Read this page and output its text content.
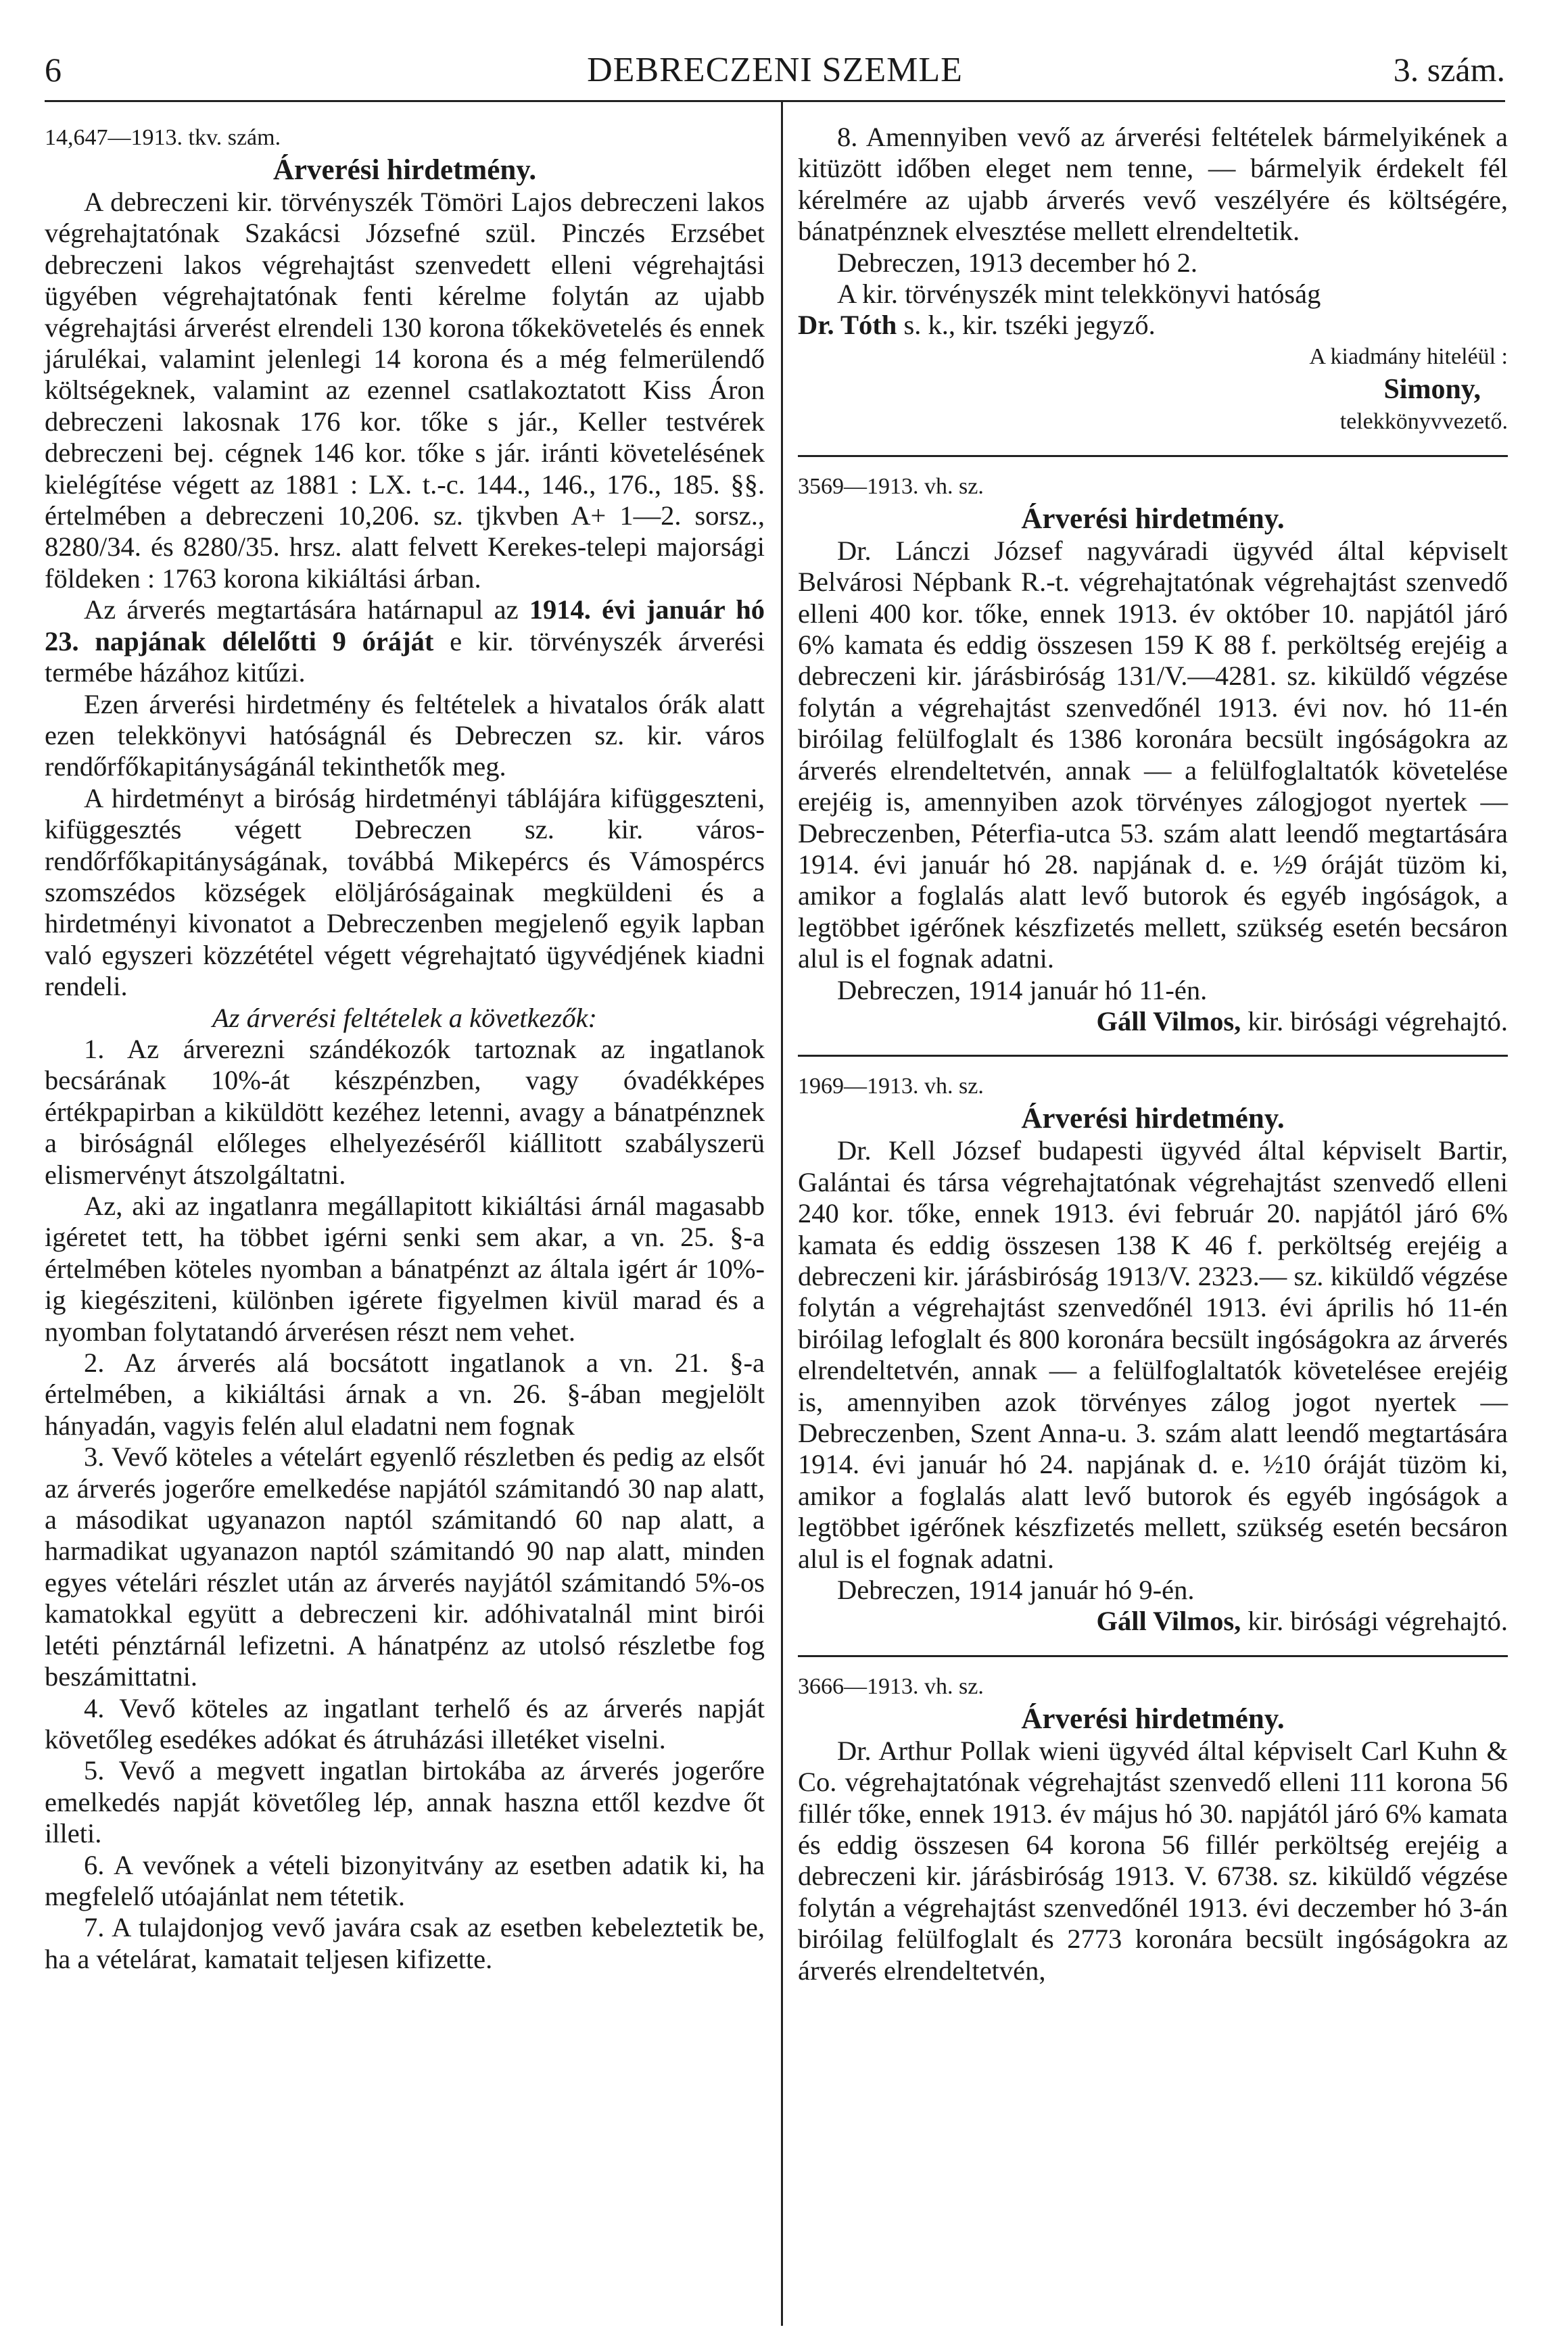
6	DEBRECZENI SZEMLE	3. szám.

14,647—1913. tkv. szám.

Árverési hirdetmény.

A debreczeni kir. törvényszék Tömöri Lajos debreczeni lakos végrehajtatónak Szakácsi Józsefné szül. Pinczés Erzsébet debreczeni lakos végrehajtást szenvedett elleni végrehajtási ügyében végrehajtatónak fenti kérelme folytán az ujabb végrehajtási árverést elrendeli 130 korona tőkekövetelés és ennek járulékai, valamint jelenlegi 14 korona és a még felmerülendő költségeknek, valamint az ezennel csatlakoztatott Kiss Áron debreczeni lakosnak 176 kor. tőke s jár., Keller testvérek debreczeni bej. cégnek 146 kor. tőke s jár. iránti követelésének kielégítése végett az 1881 : LX. t.-c. 144., 146., 176., 185. §§. értelmében a debreczeni 10,206. sz. tjkvben A+ 1—2. sorsz., 8280/34. és 8280/35. hrsz. alatt felvett Kerekes-telepi majorsági földeken : 1763 korona kikiáltási árban.

Az árverés megtartására határnapul az 1914. évi január hó 23. napjának délelőtti 9 óráját e kir. törvényszék árverési termébe házához kitűzi.

Ezen árverési hirdetmény és feltételek a hivatalos órák alatt ezen telekkönyvi hatóságnál és Debreczen sz. kir. város rendőrfőkapitányságánál tekinthetők meg.

A hirdetményt a biróság hirdetményi táblájára kifüggeszteni, kifüggesztés végett Debreczen sz. kir. város-rendőrfőkapitányságának, továbbá Mikepércs és Vámospércs szomszédos községek elöljáróságainak megküldeni és a hirdetményi kivonatot a Debreczenben megjelenő egyik lapban való egyszeri közzététel végett végrehajtató ügyvédjének kiadni rendeli.

Az árverési feltételek a következők:

1. Az árverezni szándékozók tartoznak az ingatlanok becsárának 10%-át készpénzben, vagy óvadékképes értékpapirban a kiküldött kezéhez letenni, avagy a bánatpénznek a biróságnál előleges elhelyezéséről kiállitott szabályszerü elismervényt átszolgáltatni.

Az, aki az ingatlanra megállapitott kikiáltási árnál magasabb igéretet tett, ha többet igérni senki sem akar, a vn. 25. §-a értelmében köteles nyomban a bánatpénzt az általa igért ár 10%-ig kiegésziteni, különben igérete figyelmen kivül marad és a nyomban folytatandó árverésen részt nem vehet.

2. Az árverés alá bocsátott ingatlanok a vn. 21. §-a értelmében, a kikiáltási árnak a vn. 26. §-ában megjelölt hányadán, vagyis felén alul eladatni nem fognak

3. Vevő köteles a vételárt egyenlő részletben és pedig az elsőt az árverés jogerőre emelkedése napjától számitandó 30 nap alatt, a másodikat ugyanazon naptól számitandó 60 nap alatt, a harmadikat ugyanazon naptól számitandó 90 nap alatt, minden egyes vételári részlet után az árverés nayjától számitandó 5%-os kamatokkal együtt a debreczeni kir. adóhivatalnál mint birói letéti pénztárnál lefizetni. A hánatpénz az utolsó részletbe fog beszámittatni.

4. Vevő köteles az ingatlant terhelő és az árverés napját követőleg esedékes adókat és átruházási illetéket viselni.

5. Vevő a megvett ingatlan birtokába az árverés jogerőre emelkedés napját követőleg lép, annak haszna ettől kezdve őt illeti.

6. A vevőnek a vételi bizonyitvány az esetben adatik ki, ha megfelelő utóajánlat nem tétetik.

7. A tulajdonjog vevő javára csak az esetben kebeleztetik be, ha a vételárat, kamatait teljesen kifizette.

8. Amennyiben vevő az árverési feltételek bármelyikének a kitüzött időben eleget nem tenne, — bármelyik érdekelt fél kérelmére az ujabb árverés vevő veszélyére és költségére, bánatpénznek elvesztése mellett elrendeltetik.

Debreczen, 1913 december hó 2.

A kir. törvényszék mint telekkönyvi hatóság

Dr. Tóth s. k., kir. tszéki jegyző.

A kiadmány hiteléül :

Simony,

telekkönyvvezető.

3569—1913. vh. sz.

Árverési hirdetmény.

Dr. Lánczi József nagyváradi ügyvéd által képviselt Belvárosi Népbank R.-t. végrehajtatónak végrehajtást szenvedő elleni 400 kor. tőke, ennek 1913. év október 10. napjától járó 6% kamata és eddig összesen 159 K 88 f. perköltség erejéig a debreczeni kir. járásbiróság 131/V.—4281. sz. kiküldő végzése folytán a végrehajtást szenvedőnél 1913. évi nov. hó 11-én biróilag felülfoglalt és 1386 koronára becsült ingóságokra az árverés elrendeltetvén, annak — a felülfoglaltatók követelése erejéig is, amennyiben azok törvényes zálogjogot nyertek — Debreczenben, Péterfia-utca 53. szám alatt leendő megtartására 1914. évi január hó 28. napjának d. e. ½9 óráját tüzöm ki, amikor a foglalás alatt levő butorok és egyéb ingóságok, a legtöbbet igérőnek készfizetés mellett, szükség esetén becsáron alul is el fognak adatni.

Debreczen, 1914 január hó 11-én.

Gáll Vilmos, kir. birósági végrehajtó.

1969—1913. vh. sz.

Árverési hirdetmény.

Dr. Kell József budapesti ügyvéd által képviselt Bartir, Galántai és társa végrehajtatónak végrehajtást szenvedő elleni 240 kor. tőke, ennek 1913. évi február 20. napjától járó 6% kamata és eddig összesen 138 K 46 f. perköltség erejéig a debreczeni kir. járásbiróság 1913/V. 2323.— sz. kiküldő végzése folytán a végrehajtást szenvedőnél 1913. évi április hó 11-én biróilag lefoglalt és 800 koronára becsült ingóságokra az árverés elrendeltetvén, annak — a felülfoglaltatók követelésee erejéig is, amennyiben azok törvényes zálog jogot nyertek — Debreczenben, Szent Anna-u. 3. szám alatt leendő megtartására 1914. évi január hó 24. napjának d. e. ½10 óráját tüzöm ki, amikor a foglalás alatt levő butorok és egyéb ingóságok a legtöbbet igérőnek készfizetés mellett, szükség esetén becsáron alul is el fognak adatni.

Debreczen, 1914 január hó 9-én.

Gáll Vilmos, kir. birósági végrehajtó.

3666—1913. vh. sz.

Árverési hirdetmény.

Dr. Arthur Pollak wieni ügyvéd által képviselt Carl Kuhn & Co. végrehajtatónak végrehajtást szenvedő elleni 111 korona 56 fillér tőke, ennek 1913. év május hó 30. napjától járó 6% kamata és eddig összesen 64 korona 56 fillér perköltség erejéig a debreczeni kir. járásbiróság 1913. V. 6738. sz. kiküldő végzése folytán a végrehajtást szenvedőnél 1913. évi deczember hó 3-án biróilag felülfoglalt és 2773 koronára becsült ingóságokra az árverés elrendeltetvén,
